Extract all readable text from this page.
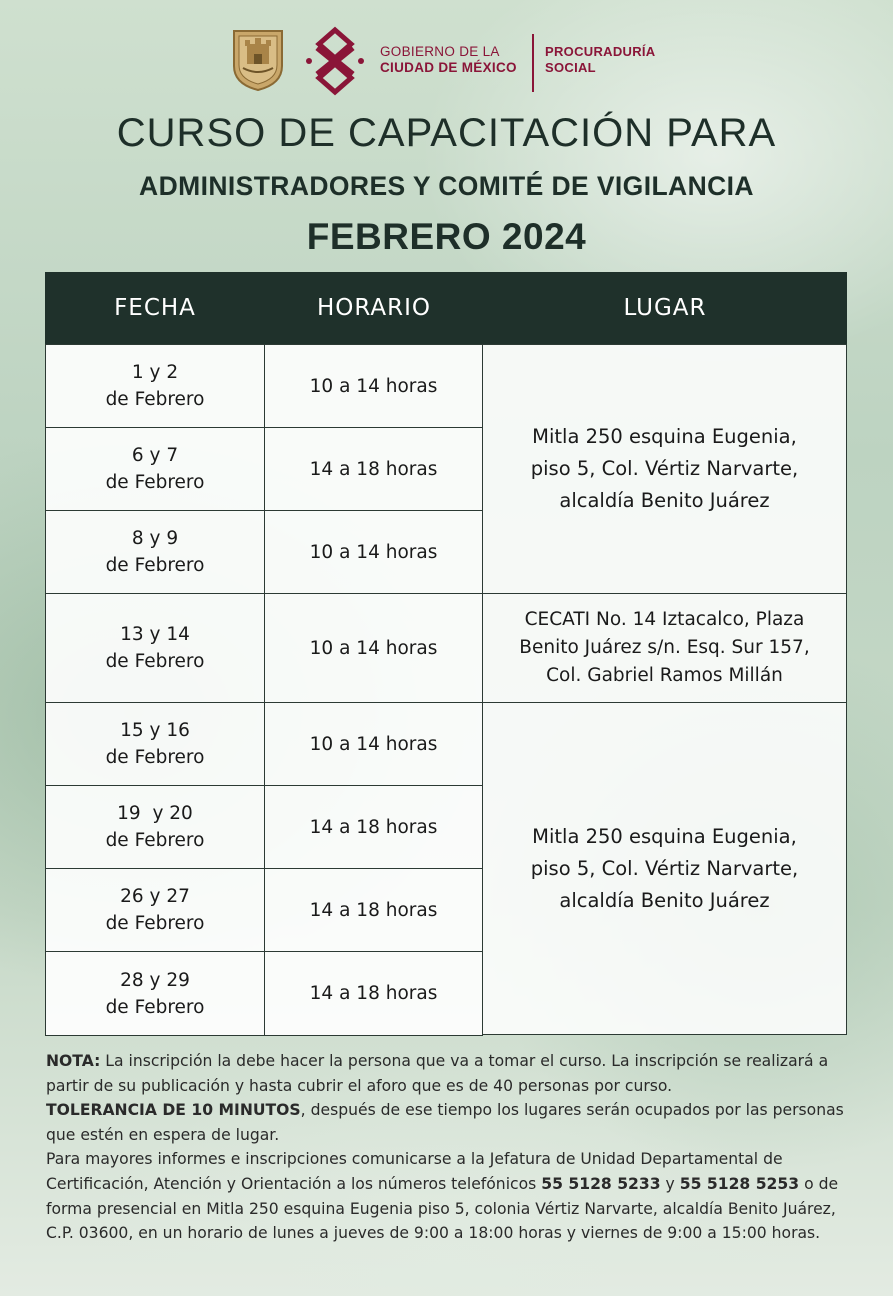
GOBIERNO DE LA
CIUDAD DE MÉXICO
PROCURADURÍA
SOCIAL
CURSO DE CAPACITACIÓN PARA
ADMINISTRADORES Y COMITÉ DE VIGILANCIA
FEBRERO 2024
FECHA	HORARIO	LUGAR
1 y 2
de Febrero
10 a 14 horas
6 y 7
de Febrero
14 a 18 horas
8 y 9
de Febrero
10 a 14 horas
Mitla 250 esquina Eugenia,
piso 5, Col. Vértiz Narvarte,
alcaldía Benito Juárez
13 y 14
de Febrero
10 a 14 horas
CECATI No. 14 Iztacalco, Plaza
Benito Juárez s/n. Esq. Sur 157,
Col. Gabriel Ramos Millán
15 y 16
de Febrero
10 a 14 horas
19  y 20
de Febrero
14 a 18 horas
26 y 27
de Febrero
14 a 18 horas
28 y 29
de Febrero
14 a 18 horas
Mitla 250 esquina Eugenia,
piso 5, Col. Vértiz Narvarte,
alcaldía Benito Juárez

NOTA: La inscripción la debe hacer la persona que va a tomar el curso. La inscripción se realizará a partir de su publicación y hasta cubrir el aforo que es de 40 personas por curso.

TOLERANCIA DE 10 MINUTOS, después de ese tiempo los lugares serán ocupados por las personas que estén en espera de lugar.

Para mayores informes e inscripciones comunicarse a la Jefatura de Unidad Departamental de Certificación, Atención y Orientación a los números telefónicos 55 5128 5233 y 55 5128 5253 o de forma presencial en Mitla 250 esquina Eugenia piso 5, colonia Vértiz Narvarte, alcaldía Benito Juárez, C.P. 03600, en un horario de lunes a jueves de 9:00 a 18:00 horas y viernes de 9:00 a 15:00 horas.
